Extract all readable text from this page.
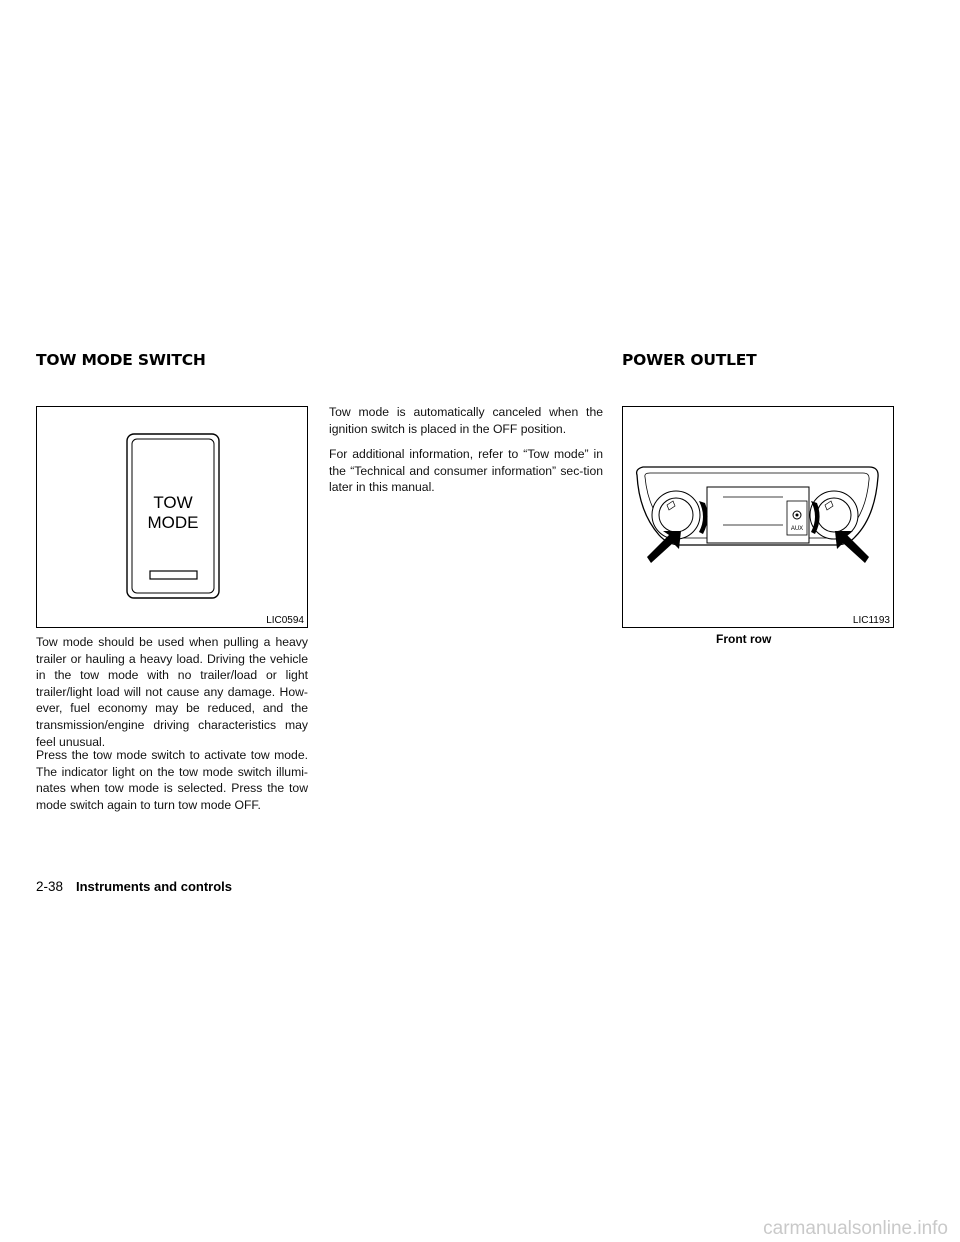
TOW MODE SWITCH	POWER OUTLET
TOW
MODE
LIC0594

Tow mode should be used when pulling a heavy trailer or hauling a heavy load. Driving the vehicle in the tow mode with no trailer/load or light trailer/light load will not cause any damage. How-ever, fuel economy may be reduced, and the transmission/engine driving characteristics may feel unusual.

Press the tow mode switch to activate tow mode. The indicator light on the tow mode switch illumi-nates when tow mode is selected. Press the tow mode switch again to turn tow mode OFF.

Tow mode is automatically canceled when the ignition switch is placed in the OFF position.

For additional information, refer to “Tow mode” in the “Technical and consumer information” sec-tion later in this manual.

AUX
LIC1193
Front row
2-38 Instruments and controls
carmanualsonline.info
